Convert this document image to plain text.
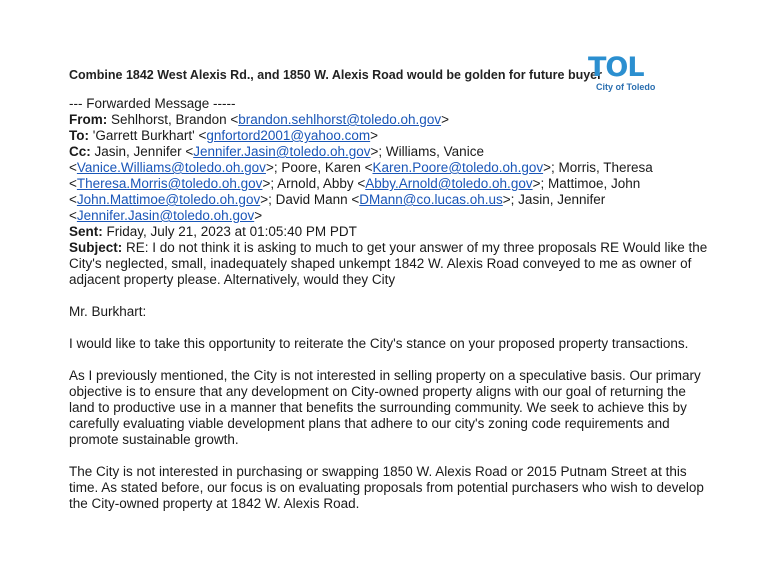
Combine 1842 West Alexis Rd., and 1850 W. Alexis Road would be golden for future buyer
TOL
City of Toledo

--- Forwarded Message -----

From: Sehlhorst, Brandon <brandon.sehlhorst@toledo.oh.gov>

To: 'Garrett Burkhart' <gnfortord2001@yahoo.com>

Cc: Jasin, Jennifer <Jennifer.Jasin@toledo.oh.gov>; Williams, Vanice
<Vanice.Williams@toledo.oh.gov>; Poore, Karen <Karen.Poore@toledo.oh.gov>; Morris, Theresa
<Theresa.Morris@toledo.oh.gov>; Arnold, Abby <Abby.Arnold@toledo.oh.gov>; Mattimoe, John
<John.Mattimoe@toledo.oh.gov>; David Mann <DMann@co.lucas.oh.us>; Jasin, Jennifer
<Jennifer.Jasin@toledo.oh.gov>

Sent: Friday, July 21, 2023 at 01:05:40 PM PDT

Subject: RE: I do not think it is asking to much to get your answer of my three proposals RE Would like the City's neglected, small, inadequately shaped unkempt 1842 W. Alexis Road conveyed to me as owner of adjacent property please. Alternatively, would they City

Mr. Burkhart:

I would like to take this opportunity to reiterate the City's stance on your proposed property transactions.

As I previously mentioned, the City is not interested in selling property on a speculative basis. Our primary objective is to ensure that any development on City-owned property aligns with our goal of returning the land to productive use in a manner that benefits the surrounding community. We seek to achieve this by carefully evaluating viable development plans that adhere to our city's zoning code requirements and promote sustainable growth.

The City is not interested in purchasing or swapping 1850 W. Alexis Road or 2015 Putnam Street at this time. As stated before, our focus is on evaluating proposals from potential purchasers who wish to develop the City-owned property at 1842 W. Alexis Road.
